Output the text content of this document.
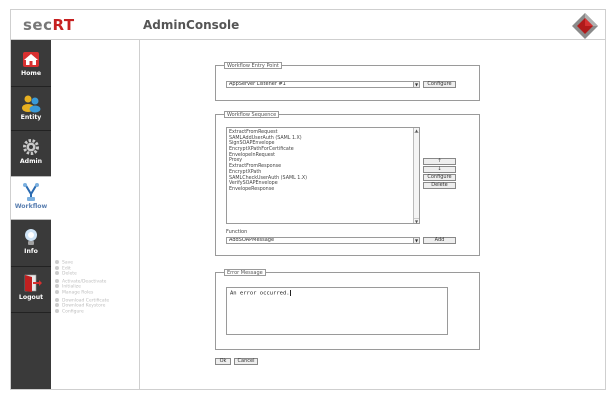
secRT	AdminConsole
Home
Entity
Admin
Workflow
Info
Logout
Save
Edit
Delete
Activate/Deactivate
Initialize
Manage Roles
Download Certificate
Download Keystore
Configure
Workflow Entry Point
AppServer Listener #1	▼	Configure
Workflow Sequence
ExtractFromRequest
SAMLAddUserAuth (SAML 1.X)
SignSOAPEnvelope
EncryptXPathForCertificate
EnvelopeInRequest
Proxy
ExtractFromResponse
EncryptXPath
SAMLCheckUserAuth (SAML 1.X)
VerifySOAPEnvelope
EnvelopeResponse
▲
▼
↑
↓
Configure
Delete
Function
AddSOAPMessage	▼	Add
Error Message
An error occurred.
Ok	Cancel
